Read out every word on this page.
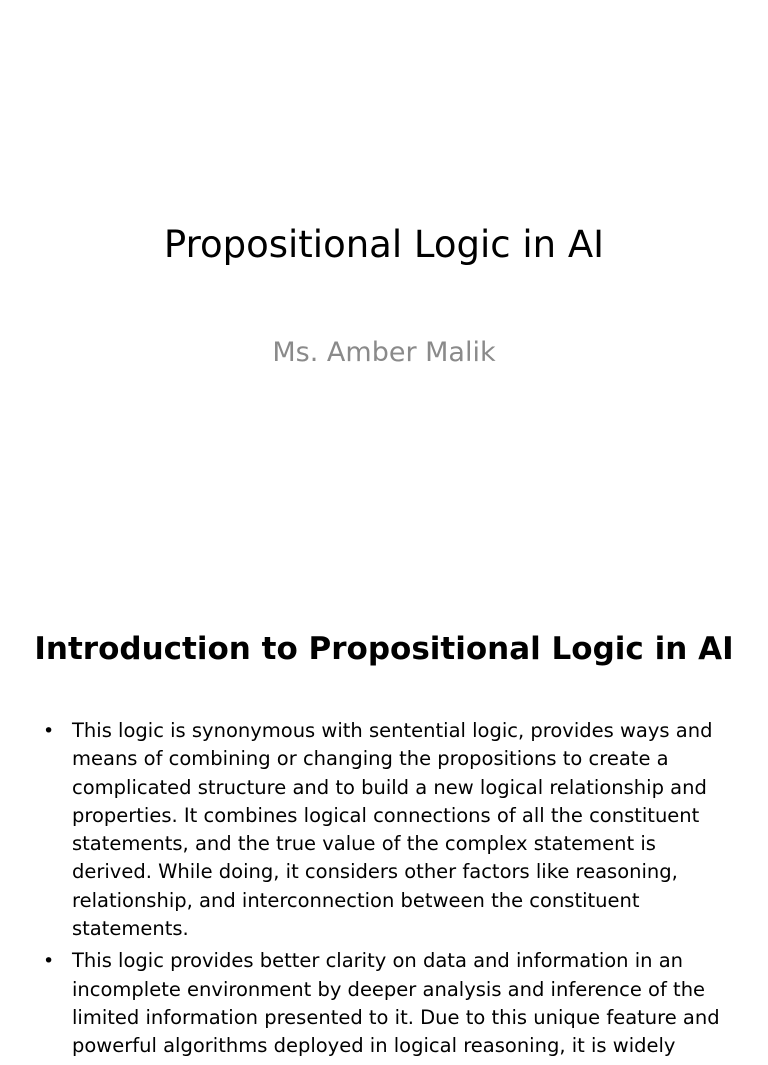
Propositional Logic in AI

Ms. Amber Malik

Introduction to Propositional Logic in AI
• This logic is synonymous with sentential logic, provides ways and means of combining or changing the propositions to create a complicated structure and to build a new logical relationship and properties. It combines logical connections of all the constituent statements, and the true value of the complex statement is derived. While doing, it considers other factors like reasoning, relationship, and interconnection between the constituent statements.
• This logic provides better clarity on data and information in an incomplete environment by deeper analysis and inference of the limited information presented to it. Due to this unique feature and powerful algorithms deployed in logical reasoning, it is widely
